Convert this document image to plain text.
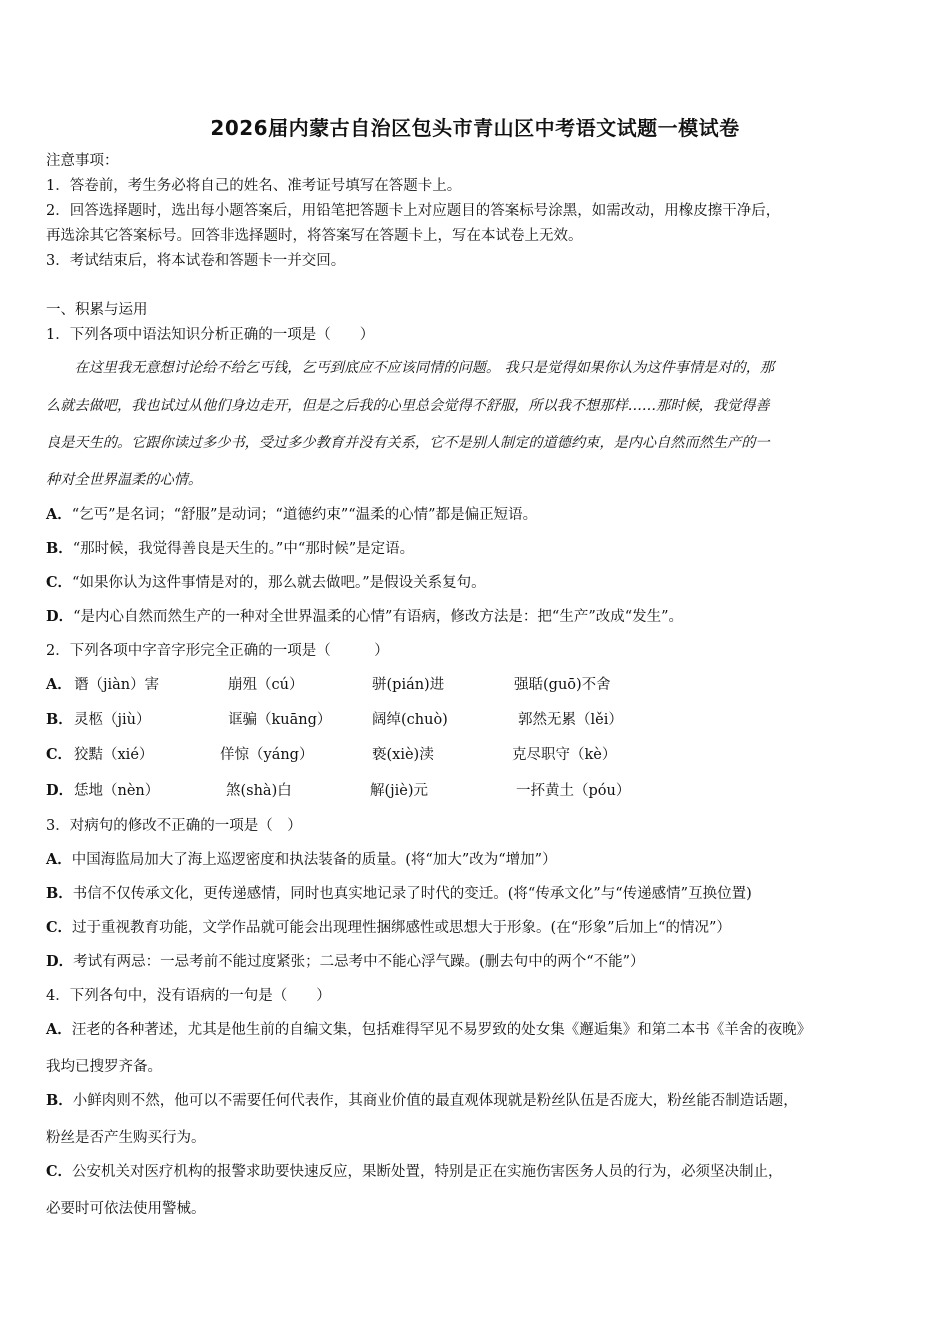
2026届内蒙古自治区包头市青山区中考语文试题一模试卷
注意事项：
1．答卷前，考生务必将自己的姓名、准考证号填写在答题卡上。
2．回答选择题时，选出每小题答案后，用铅笔把答题卡上对应题目的答案标号涂黑，如需改动，用橡皮擦干净后，
再选涂其它答案标号。回答非选择题时，将答案写在答题卡上，写在本试卷上无效。
3．考试结束后，将本试卷和答题卡一并交回。
一、积累与运用
1．下列各项中语法知识分析正确的一项是（　　）
　　在这里我无意想讨论给不给乞丐钱，乞丐到底应不应该同情的问题。 我只是觉得如果你认为这件事情是对的，那
么就去做吧，我也试过从他们身边走开，但是之后我的心里总会觉得不舒服，所以我不想那样……那时候，我觉得善
良是天生的。它跟你读过多少书，受过多少教育并没有关系，它不是别人制定的道德约束，是内心自然而然生产的一
种对全世界温柔的心情。
A．“乞丐”是名词；“舒服”是动词；“道德约束”“温柔的心情”都是偏正短语。
B．“那时候，我觉得善良是天生的。”中“那时候”是定语。
C．“如果你认为这件事情是对的，那么就去做吧。”是假设关系复句。
D．“是内心自然而然生产的一种对全世界温柔的心情”有语病，修改方法是：把“生产”改成“发生”。
2．下列各项中字音字形完全正确的一项是（　　　）
A． 谮（jiàn）害	崩殂（cú）	骈(pián)进	强聒(guō)不舍
B． 灵柩（jiù）	诓骗（kuāng）	阔绰(chuò)	郭然无累（lěi）
C． 狡黠（xié）	佯惊（yáng）	亵(xiè)渎	克尽职守（kè）
D． 恁地（nèn）	煞(shà)白	解(jiè)元	一抔黄土（póu）
3．对病句的修改不正确的一项是（　）
A．中国海监局加大了海上巡逻密度和执法装备的质量。(将“加大”改为“增加”）
B．书信不仅传承文化，更传递感情，同时也真实地记录了时代的变迁。(将“传承文化”与“传递感情”互换位置)
C．过于重视教育功能，文学作品就可能会出现理性捆绑感性或思想大于形象。(在“形象”后加上“的情况”）
D．考试有两忌：一忌考前不能过度紧张；二忌考中不能心浮气躁。(删去句中的两个“不能”）
4．下列各句中，没有语病的一句是（　　）
A．汪老的各种著述，尤其是他生前的自编文集，包括难得罕见不易罗致的处女集《邂逅集》和第二本书《羊舍的夜晚》
我均已搜罗齐备。
B．小鲜肉则不然，他可以不需要任何代表作，其商业价值的最直观体现就是粉丝队伍是否庞大，粉丝能否制造话题，
粉丝是否产生购买行为。
C．公安机关对医疗机构的报警求助要快速反应，果断处置，特别是正在实施伤害医务人员的行为，必须坚决制止，
必要时可依法使用警械。
